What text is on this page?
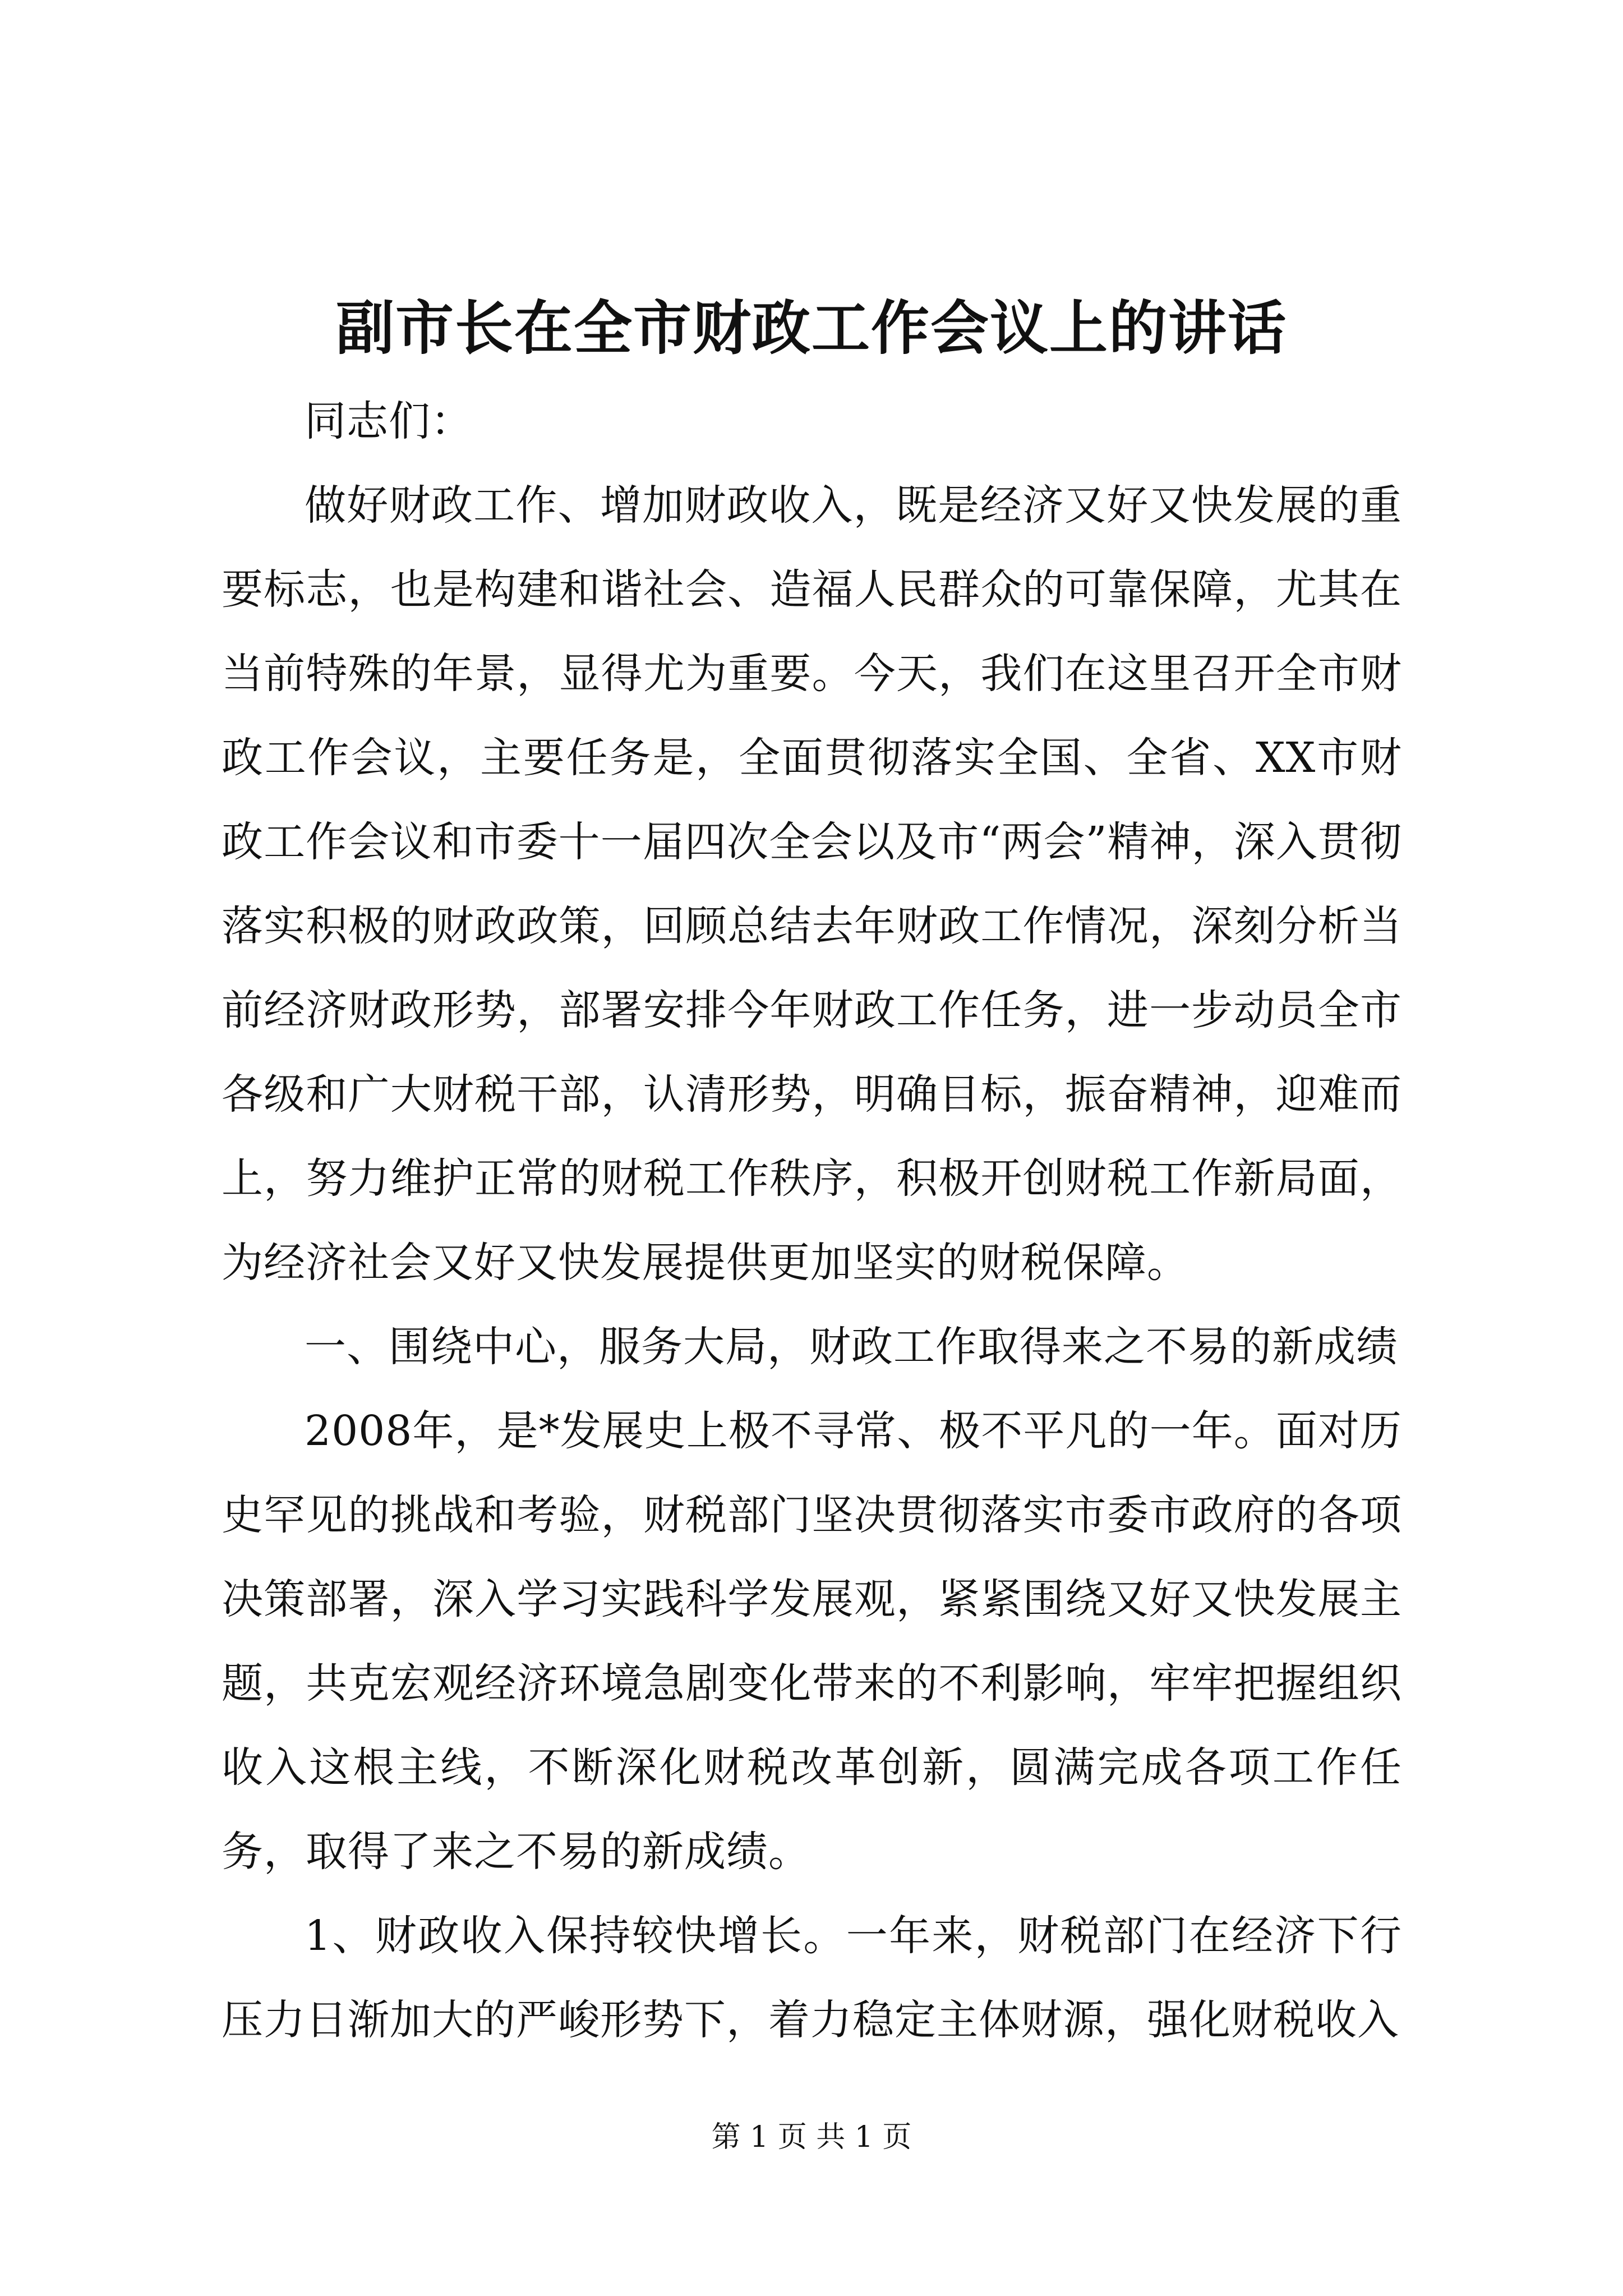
副市长在全市财政工作会议上的讲话

同志们：

做好财政工作、增加财政收入，既是经济又好又快发展的重要标志，也是构建和谐社会、造福人民群众的可靠保障，尤其在当前特殊的年景，显得尤为重要。今天，我们在这里召开全市财政工作会议，主要任务是，全面贯彻落实全国、全省、XX市财政工作会议和市委十一届四次全会以及市“两会”精神，深入贯彻落实积极的财政政策，回顾总结去年财政工作情况，深刻分析当前经济财政形势，部署安排今年财政工作任务，进一步动员全市各级和广大财税干部，认清形势，明确目标，振奋精神，迎难而上，努力维护正常的财税工作秩序，积极开创财税工作新局面，为经济社会又好又快发展提供更加坚实的财税保障。

一、围绕中心，服务大局，财政工作取得来之不易的新成绩

2008年，是*发展史上极不寻常、极不平凡的一年。面对历史罕见的挑战和考验，财税部门坚决贯彻落实市委市政府的各项决策部署，深入学习实践科学发展观，紧紧围绕又好又快发展主题，共克宏观经济环境急剧变化带来的不利影响，牢牢把握组织收入这根主线，不断深化财税改革创新，圆满完成各项工作任务，取得了来之不易的新成绩。

1、财政收入保持较快增长。一年来，财税部门在经济下行压力日渐加大的严峻形势下，着力稳定主体财源，强化财税收入

第 1 页 共 1 页
